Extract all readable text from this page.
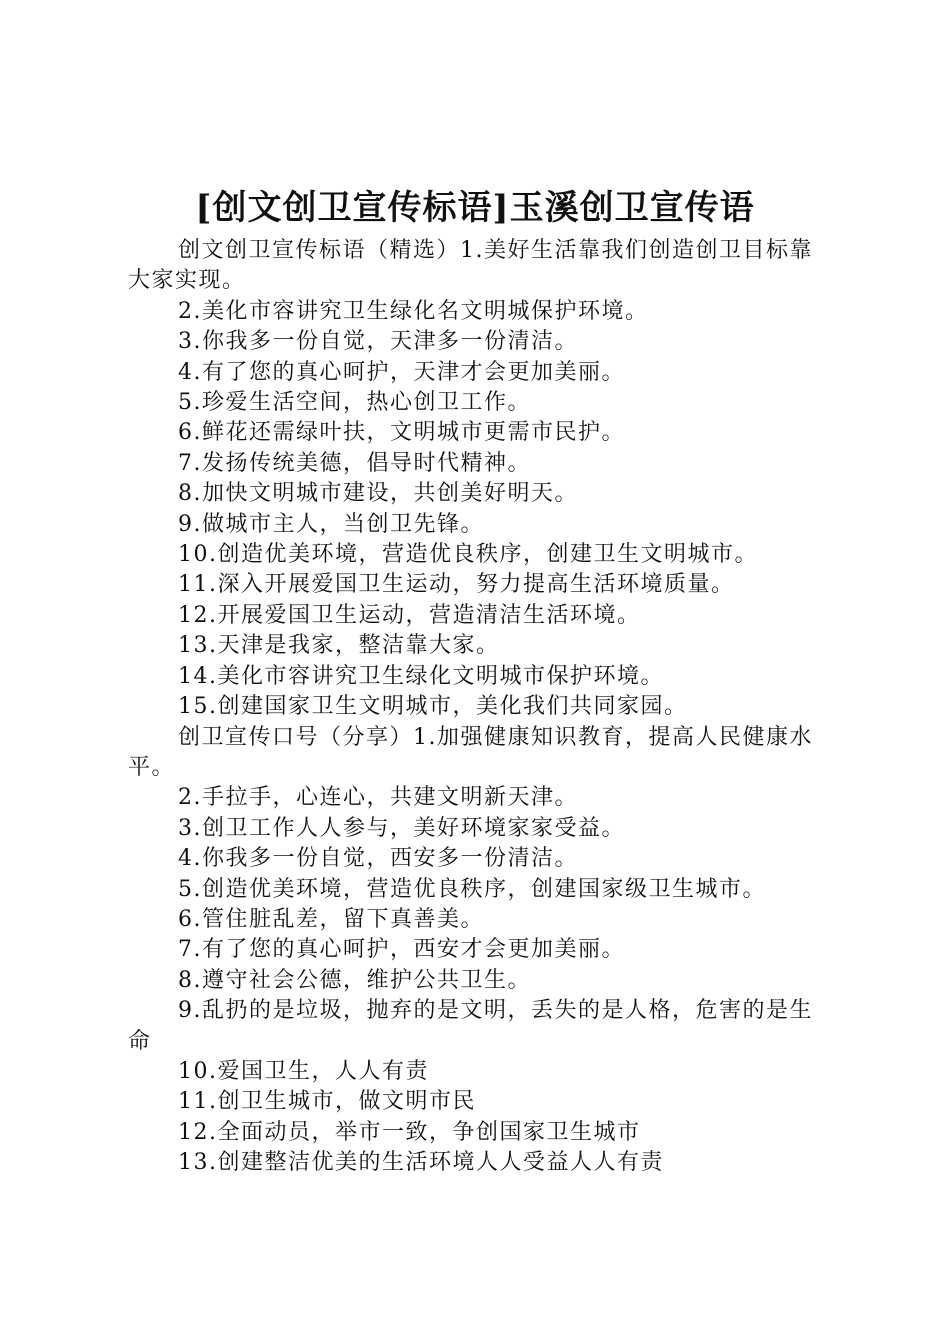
[创文创卫宣传标语]玉溪创卫宣传语

创文创卫宣传标语（精选）1.美好生活靠我们创造创卫目标靠大家实现。

2.美化市容讲究卫生绿化名文明城保护环境。

3.你我多一份自觉，天津多一份清洁。

4.有了您的真心呵护，天津才会更加美丽。

5.珍爱生活空间，热心创卫工作。

6.鲜花还需绿叶扶，文明城市更需市民护。

7.发扬传统美德，倡导时代精神。

8.加快文明城市建设，共创美好明天。

9.做城市主人，当创卫先锋。

10.创造优美环境，营造优良秩序，创建卫生文明城市。

11.深入开展爱国卫生运动，努力提高生活环境质量。

12.开展爱国卫生运动，营造清洁生活环境。

13.天津是我家，整洁靠大家。

14.美化市容讲究卫生绿化文明城市保护环境。

15.创建国家卫生文明城市，美化我们共同家园。

创卫宣传口号（分享）1.加强健康知识教育，提高人民健康水平。

2.手拉手，心连心，共建文明新天津。

3.创卫工作人人参与，美好环境家家受益。

4.你我多一份自觉，西安多一份清洁。

5.创造优美环境，营造优良秩序，创建国家级卫生城市。

6.管住脏乱差，留下真善美。

7.有了您的真心呵护，西安才会更加美丽。

8.遵守社会公德，维护公共卫生。

9.乱扔的是垃圾，抛弃的是文明，丢失的是人格，危害的是生命

10.爱国卫生，人人有责

11.创卫生城市，做文明市民

12.全面动员，举市一致，争创国家卫生城市

13.创建整洁优美的生活环境人人受益人人有责
